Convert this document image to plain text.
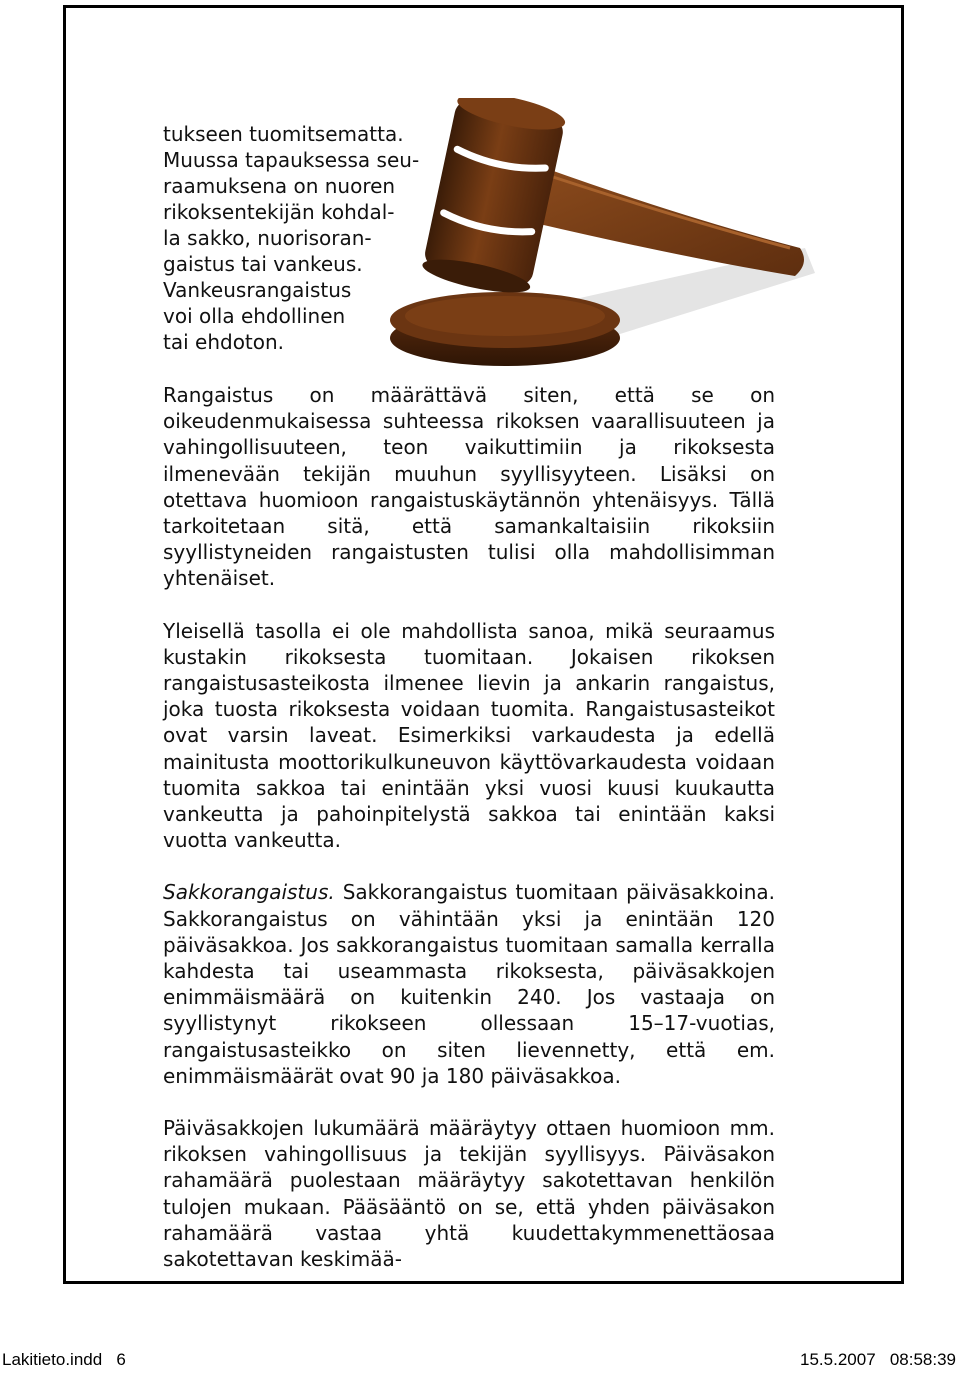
tukseen tuomitsematta.
Muussa tapauksessa seu-
raamuksena on nuoren
rikoksentekijän kohdal-
la sakko, nuorisoran-
gaistus tai vankeus.
Vankeusrangaistus
voi olla ehdollinen
tai ehdoton.

Rangaistus on määrättävä siten, että se on oikeudenmukaisessa suhteessa rikoksen vaarallisuuteen ja vahingollisuuteen, teon vaikuttimiin ja rikoksesta ilmenevään tekijän muuhun syyllisyyteen. Lisäksi on otettava huomioon rangaistuskäytännön yhtenäisyys. Tällä tarkoitetaan sitä, että samankaltaisiin rikoksiin syyllistyneiden rangaistusten tulisi olla mahdollisimman yhtenäiset.

Yleisellä tasolla ei ole mahdollista sanoa, mikä seuraamus kustakin rikoksesta tuomitaan. Jokaisen rikoksen rangaistusasteikosta ilmenee lievin ja ankarin rangaistus, joka tuosta rikoksesta voidaan tuomita. Rangaistusasteikot ovat varsin laveat. Esimerkiksi varkaudesta ja edellä mainitusta moottorikulkuneuvon käyttövarkaudesta voidaan tuomita sakkoa tai enintään yksi vuosi kuusi kuukautta vankeutta ja pahoinpitelystä sakkoa tai enintään kaksi vuotta vankeutta.

Sakkorangaistus. Sakkorangaistus tuomitaan päiväsakkoina. Sakkorangaistus on vähintään yksi ja enintään 120 päiväsakkoa. Jos sakkorangaistus tuomitaan samalla kerralla kahdesta tai useammasta rikoksesta, päiväsakkojen enimmäismäärä on kuitenkin 240. Jos vastaaja on syyllistynyt rikokseen ollessaan 15–17-vuotias, rangaistusasteikko on siten lievennetty, että em. enimmäismäärät ovat 90 ja 180 päiväsakkoa.

Päiväsakkojen lukumäärä määräytyy ottaen huomioon mm. rikoksen vahingollisuus ja tekijän syyllisyys. Päiväsakon rahamäärä puolestaan määräytyy sakotettavan henkilön tulojen mukaan. Pääsääntö on se, että yhden päiväsakon rahamäärä vastaa yhtä kuudettakymmenettäosaa sakotettavan keskimää-

Lakitieto.indd   6	15.5.2007   08:58:39
